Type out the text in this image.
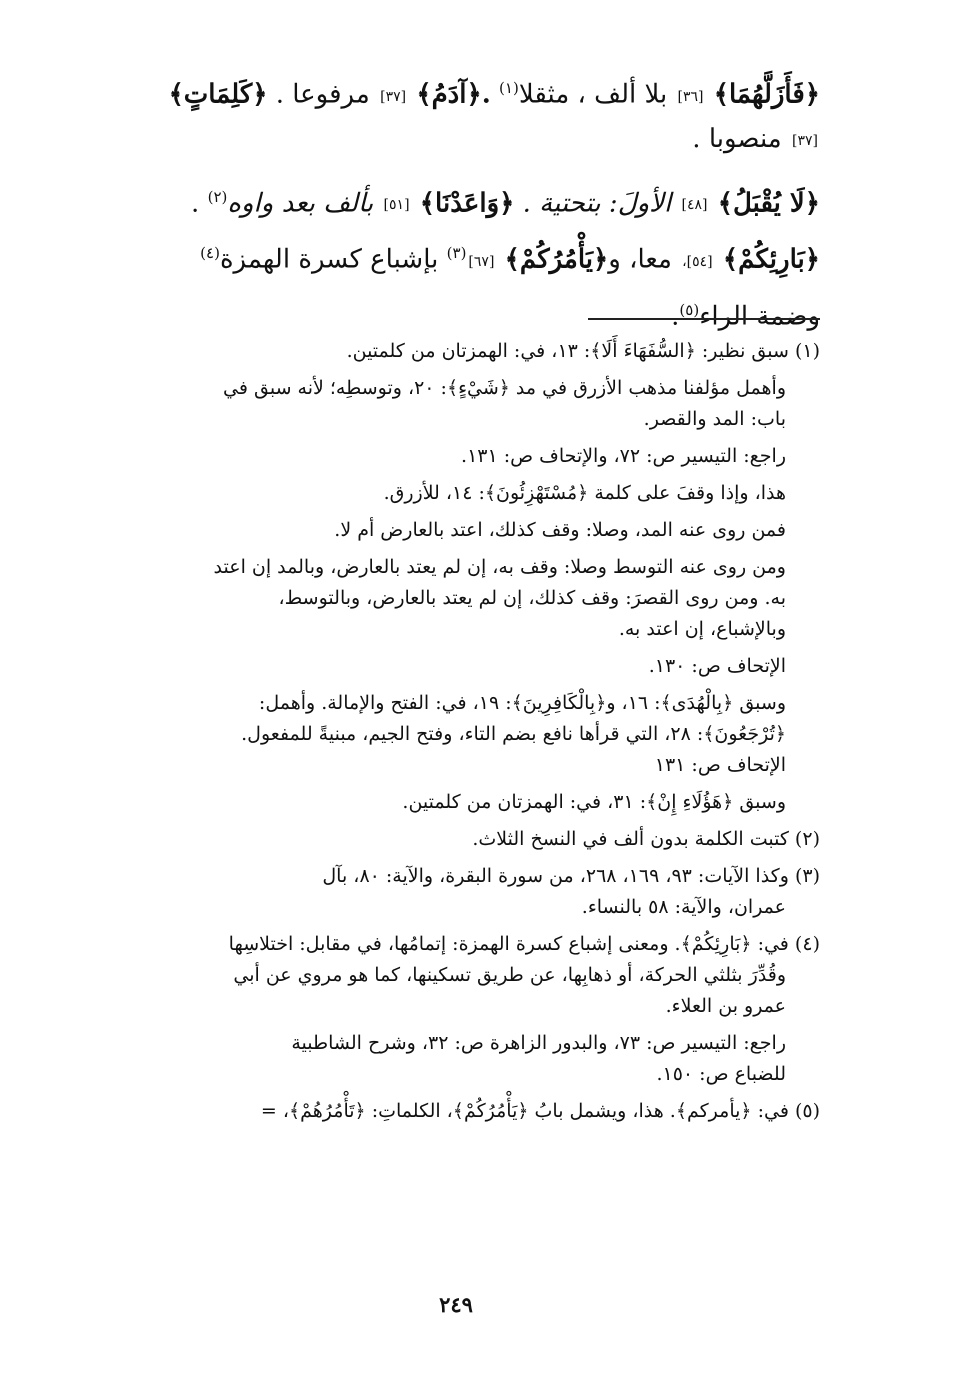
﴿فَأَزَلَّهُمَا﴾ [٣٦] بلا ألف ، مثقلا$^{(١)}$ .﴿آدَمُ﴾ [٣٧] مرفوعا . ﴿كَلِمَاتٍ﴾
[٣٧] منصوبا .
﴿لَا يُقْبَلُ﴾ [٤٨] الأولَ: بتحتية . ﴿وَاعَدْنَا﴾ [٥١] بألف بعد واوه$^{(٢)}$ .
﴿بَارِئِكُمْ﴾ [٥٤]، معا، و﴿يَأْمُرُكُمْ﴾ [٦٧]$^{(٣)}$ بإشباع كسرة الهمزة$^{(٤)}$
وضمة الراء$^{(٥)}$.
(١) سبق نظير: ﴿السُّفَهَاءَ أَلَا﴾: ١٣، في: الهمزتان من كلمتين.
وأهمل مؤلفنا مذهب الأزرق في مد ﴿شَيْءٍ﴾: ٢٠، وتوسطِه؛ لأنه سبق في
باب: المد والقصر.
راجع: التيسير ص: ٧٢، والإتحاف ص: ١٣١.
هذا، وإذا وقفَ على كلمة ﴿مُسْتَهْزِئُونَ﴾: ١٤، للأزرق.
فمن روى عنه المد، وصلا: وقف كذلك، اعتد بالعارض أم لا.
ومن روى عنه التوسط وصلا: وقف به، إن لم يعتد بالعارض، وبالمد إن اعتد
به. ومن روى القصرَ: وقف كذلك، إن لم يعتد بالعارض، وبالتوسط،
وبالإشباع، إن اعتد به.
الإتحاف ص: ١٣٠.
وسبق ﴿بِالْهُدَى﴾: ١٦، و﴿بِالْكَافِرِينَ﴾: ١٩، في: الفتح والإمالة. وأهمل:
﴿تُرْجَعُونَ﴾: ٢٨، التي قرأها نافع بضم التاء، وفتح الجيم، مبنيةً للمفعول.
الإتحاف ص: ١٣١
وسبق ﴿هَؤُلَاءِ إِنْ﴾: ٣١، في: الهمزتان من كلمتين.
(٢) كتبت الكلمة بدون ألف في النسخ الثلاث.
(٣) وكذا الآيات: ٩٣، ١٦٩، ٢٦٨، من سورة البقرة، والآية: ٨٠، بآل
عمران، والآية: ٥٨ بالنساء.
(٤) في: ﴿بَارِئِكُمْ﴾. ومعنى إشباع كسرة الهمزة: إتمامُها، في مقابل: اختلاسِها
وقُدِّرَ بثلثي الحركة، أو ذهابِها، عن طريق تسكينها، كما هو مروي عن أبي
عمرو بن العلاء.
راجع: التيسير ص: ٧٣، والبدور الزاهرة ص: ٣٢، وشرح الشاطبية
للضباع ص: ١٥٠.
(٥) في: ﴿يأمركم﴾. هذا، ويشمل بابُ ﴿يَأْمُرُكُمْ﴾، الكلماتِ: ﴿تَأْمُرُهُمْ﴾، =
٢٤٩
